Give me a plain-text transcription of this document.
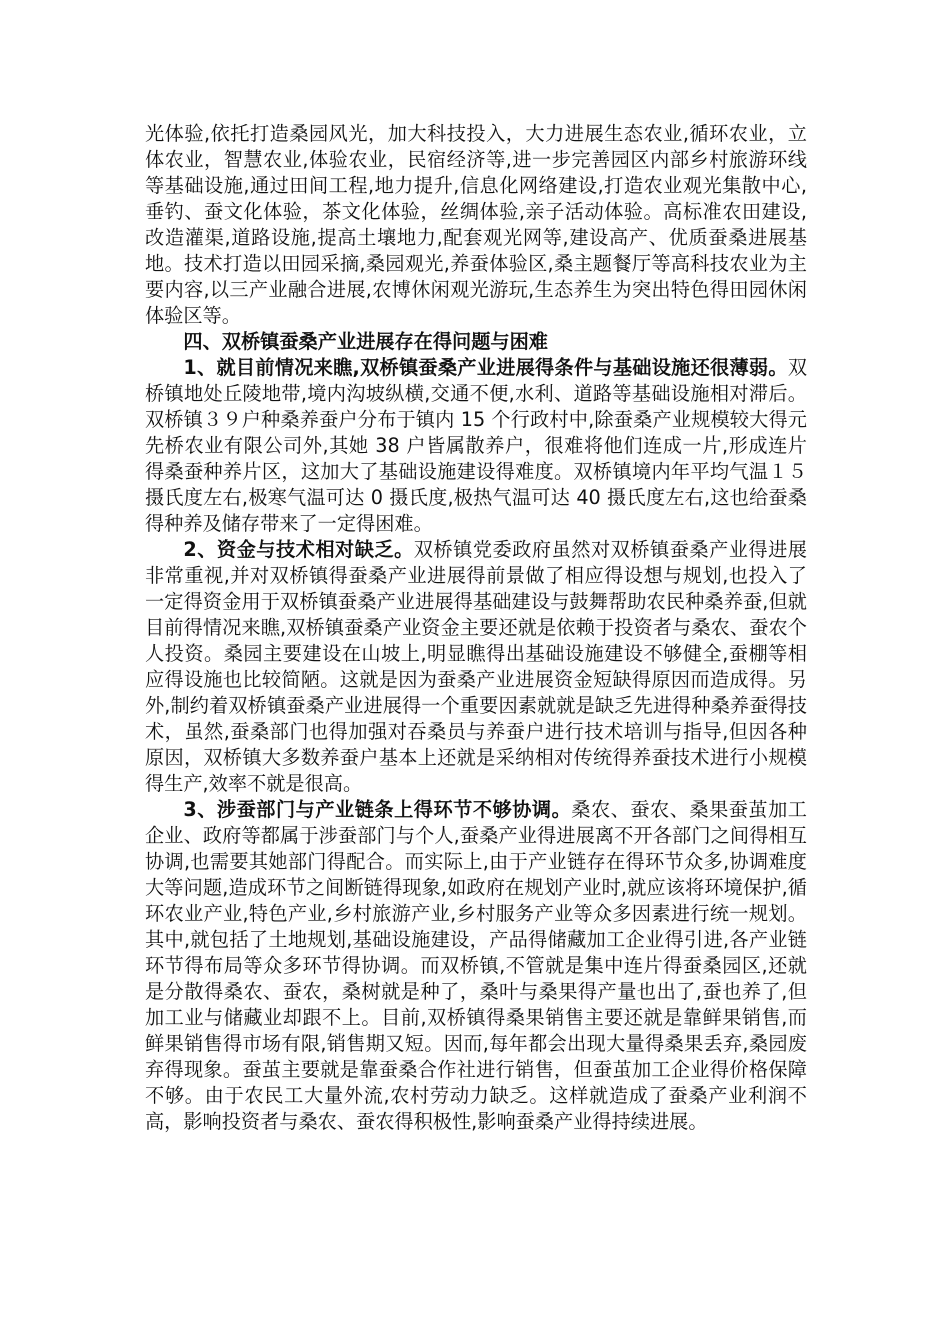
光体验,依托打造桑园风光，加大科技投入，大力进展生态农业,循环农业，立体农业，智慧农业,体验农业，民宿经济等,进一步完善园区内部乡村旅游环线等基础设施,通过田间工程,地力提升,信息化网络建设,打造农业观光集散中心,垂钓、蚕文化体验，茶文化体验，丝绸体验,亲子活动体验。高标准农田建设,改造灌渠,道路设施,提高土壤地力,配套观光网等,建设高产、优质蚕桑进展基地。技术打造以田园采摘,桑园观光,养蚕体验区,桑主题餐厅等高科技农业为主要内容,以三产业融合进展,农博休闲观光游玩,生态养生为突出特色得田园休闲体验区等。

四、双桥镇蚕桑产业进展存在得问题与困难

1、就目前情况来瞧,双桥镇蚕桑产业进展得条件与基础设施还很薄弱。双桥镇地处丘陵地带,境内沟坡纵横,交通不便,水利、道路等基础设施相对滞后。双桥镇３９户种桑养蚕户分布于镇内 15 个行政村中,除蚕桑产业规模较大得元先桥农业有限公司外,其她 38 户皆属散养户，很难将他们连成一片,形成连片得桑蚕种养片区，这加大了基础设施建设得难度。双桥镇境内年平均气温１５摄氏度左右,极寒气温可达 0 摄氏度,极热气温可达 40 摄氏度左右,这也给蚕桑得种养及储存带来了一定得困难。

2、资金与技术相对缺乏。双桥镇党委政府虽然对双桥镇蚕桑产业得进展非常重视,并对双桥镇得蚕桑产业进展得前景做了相应得设想与规划,也投入了一定得资金用于双桥镇蚕桑产业进展得基础建设与鼓舞帮助农民种桑养蚕,但就目前得情况来瞧,双桥镇蚕桑产业资金主要还就是依赖于投资者与桑农、蚕农个人投资。桑园主要建设在山坡上,明显瞧得出基础设施建设不够健全,蚕棚等相应得设施也比较简陋。这就是因为蚕桑产业进展资金短缺得原因而造成得。另外,制约着双桥镇蚕桑产业进展得一个重要因素就就是缺乏先进得种桑养蚕得技术，虽然,蚕桑部门也得加强对吞桑员与养蚕户进行技术培训与指导,但因各种原因，双桥镇大多数养蚕户基本上还就是采纳相对传统得养蚕技术进行小规模得生产,效率不就是很高。

3、涉蚕部门与产业链条上得环节不够协调。桑农、蚕农、桑果蚕茧加工企业、政府等都属于涉蚕部门与个人,蚕桑产业得进展离不开各部门之间得相互协调,也需要其她部门得配合。而实际上,由于产业链存在得环节众多,协调难度大等问题,造成环节之间断链得现象,如政府在规划产业时,就应该将环境保护,循环农业产业,特色产业,乡村旅游产业,乡村服务产业等众多因素进行统一规划。其中,就包括了土地规划,基础设施建设，产品得储藏加工企业得引进,各产业链环节得布局等众多环节得协调。而双桥镇,不管就是集中连片得蚕桑园区,还就是分散得桑农、蚕农，桑树就是种了，桑叶与桑果得产量也出了,蚕也养了,但加工业与储藏业却跟不上。目前,双桥镇得桑果销售主要还就是靠鲜果销售,而鲜果销售得市场有限,销售期又短。因而,每年都会出现大量得桑果丢弃,桑园废弃得现象。蚕茧主要就是靠蚕桑合作社进行销售，但蚕茧加工企业得价格保障不够。由于农民工大量外流,农村劳动力缺乏。这样就造成了蚕桑产业利润不高，影响投资者与桑农、蚕农得积极性,影响蚕桑产业得持续进展。
